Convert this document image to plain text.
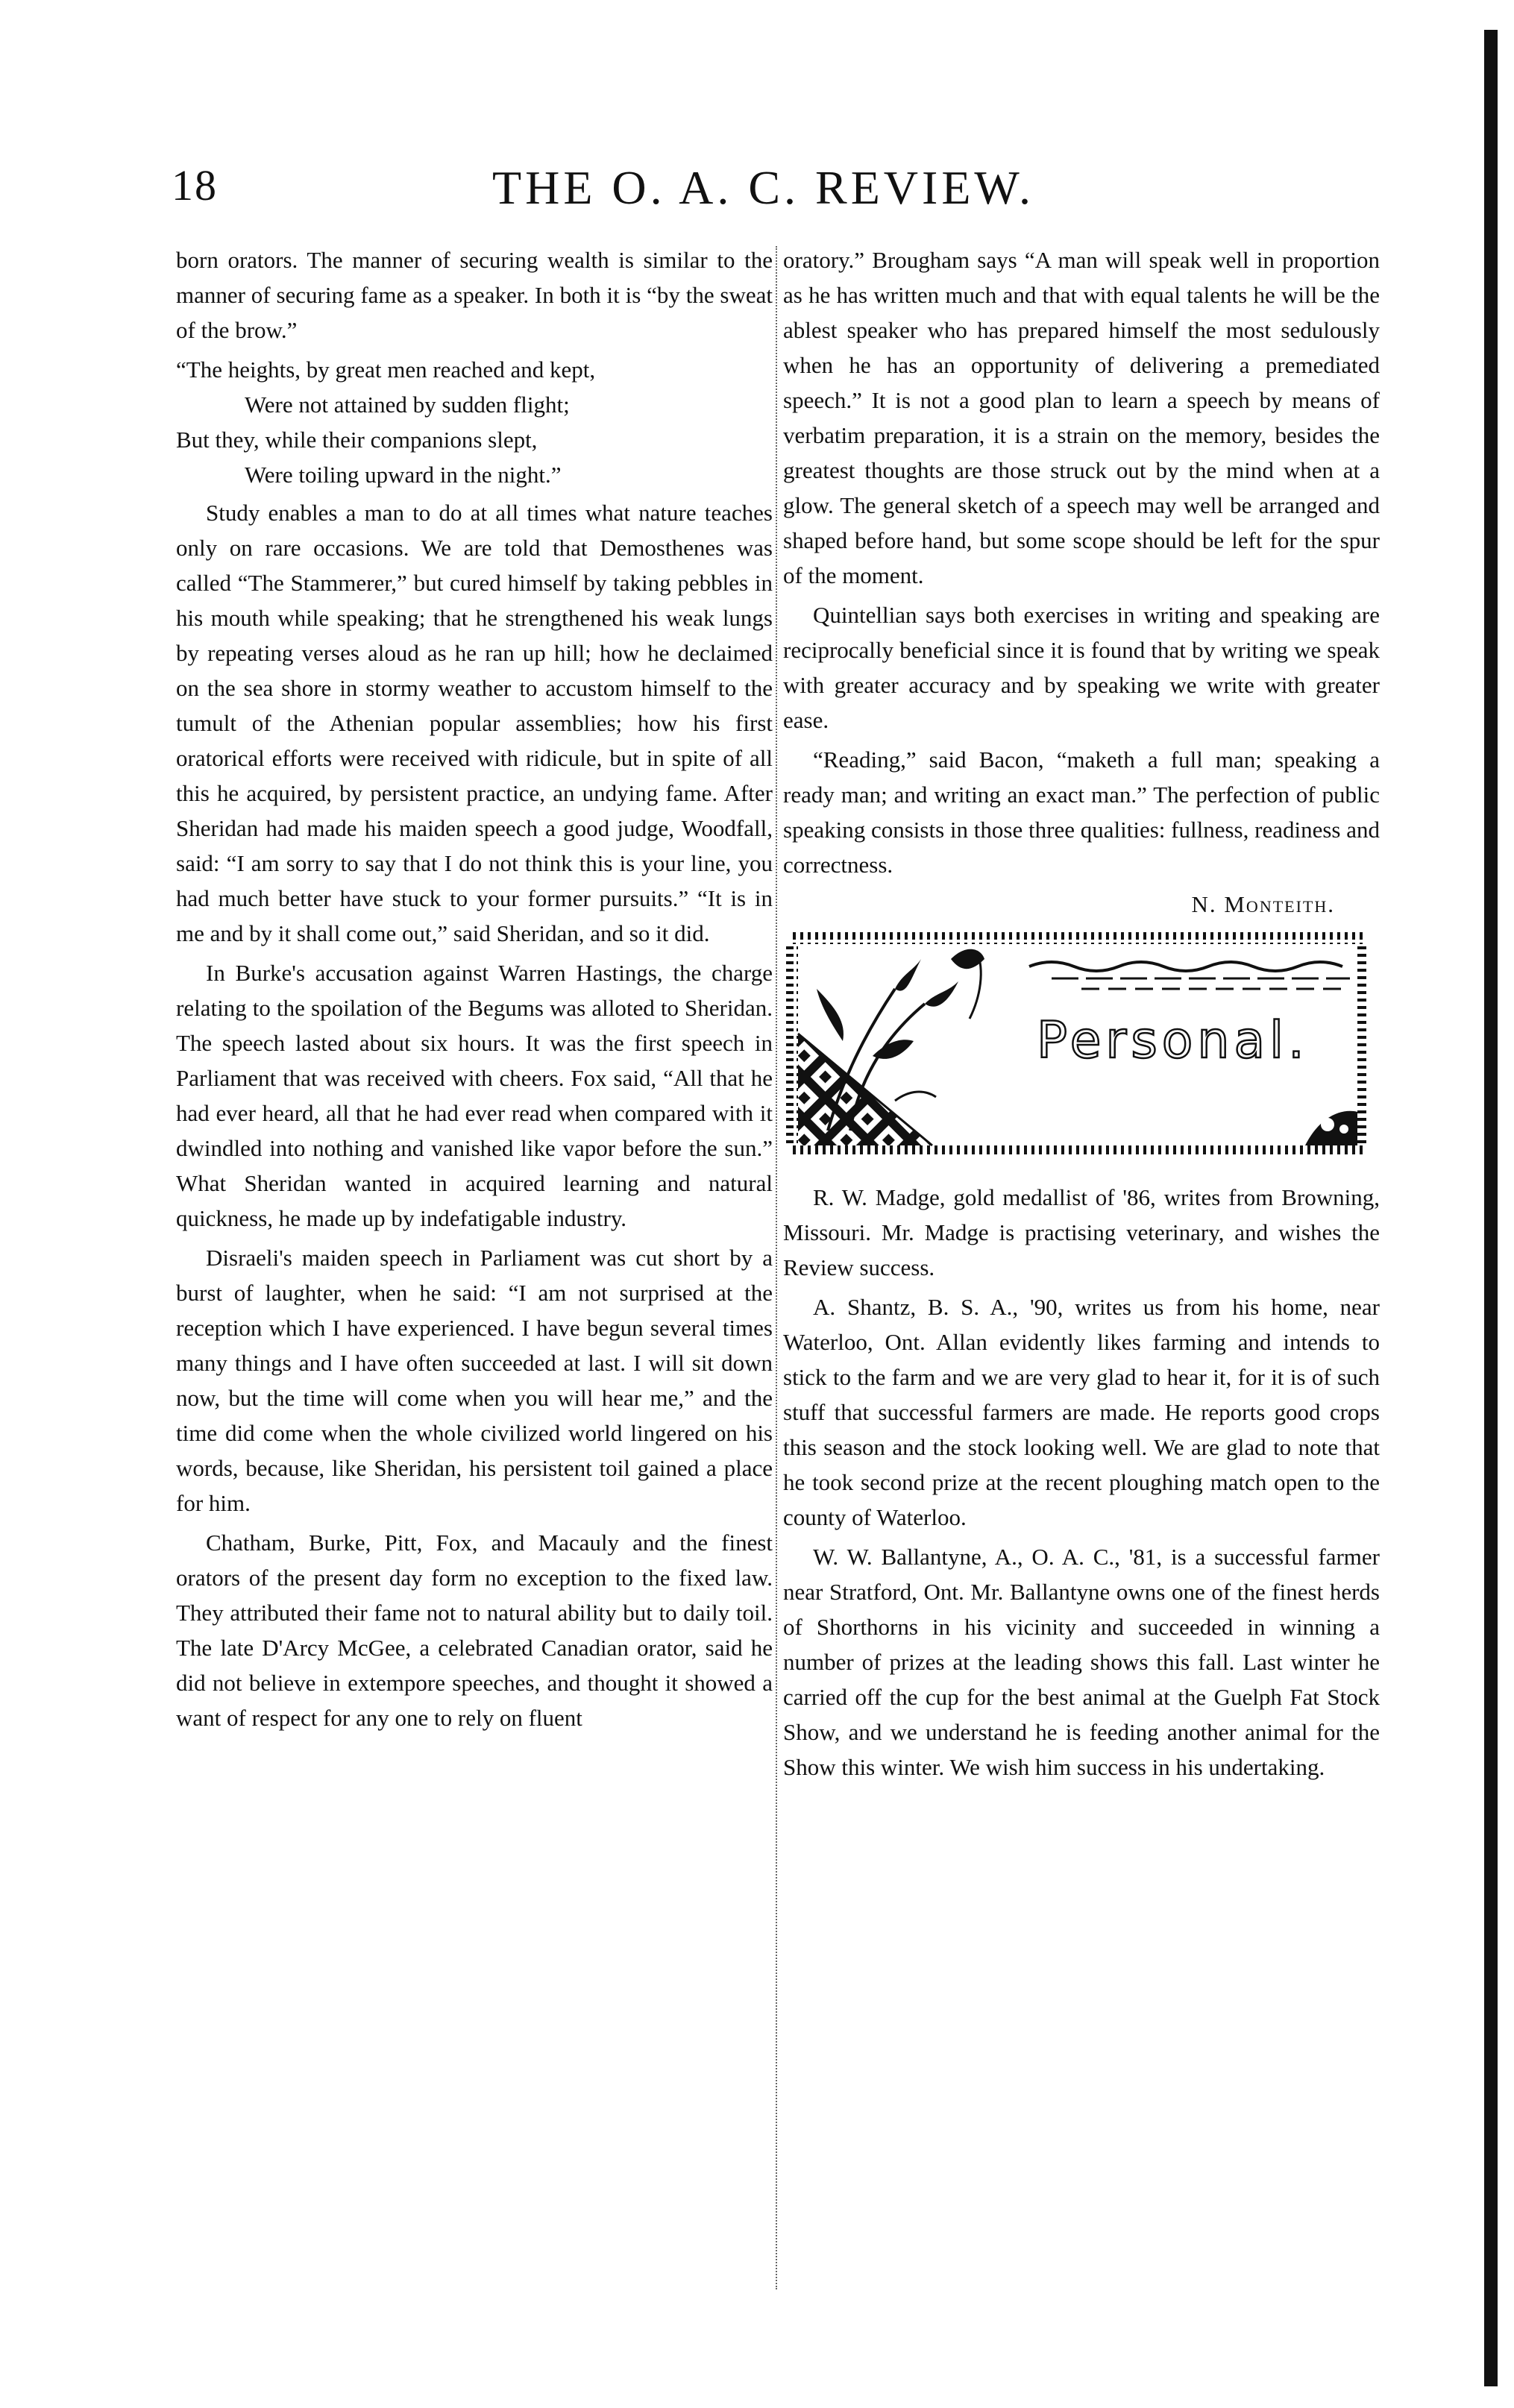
18	THE O. A. C. REVIEW.

born orators. The manner of securing wealth is similar to the manner of securing fame as a speaker. In both it is “by the sweat of the brow.”

“The heights, by great men reached and kept,
Were not attained by sudden flight;
But they, while their companions slept,
Were toiling upward in the night.”

Study enables a man to do at all times what nature teaches only on rare occasions. We are told that Demosthenes was called “The Stammerer,” but cured himself by taking pebbles in his mouth while speaking; that he strengthened his weak lungs by repeating verses aloud as he ran up hill; how he declaimed on the sea shore in stormy weather to accustom himself to the tumult of the Athenian popular assemblies; how his first oratorical efforts were received with ridicule, but in spite of all this he acquired, by persistent practice, an undying fame. After Sheridan had made his maiden speech a good judge, Woodfall, said: “I am sorry to say that I do not think this is your line, you had much better have stuck to your former pursuits.” “It is in me and by it shall come out,” said Sheridan, and so it did.

In Burke's accusation against Warren Hastings, the charge relating to the spoilation of the Begums was alloted to Sheridan. The speech lasted about six hours. It was the first speech in Parliament that was received with cheers. Fox said, “All that he had ever heard, all that he had ever read when compared with it dwindled into nothing and vanished like vapor before the sun.” What Sheridan wanted in acquired learning and natural quickness, he made up by indefatigable industry.

Disraeli's maiden speech in Parliament was cut short by a burst of laughter, when he said: “I am not surprised at the reception which I have experienced. I have begun several times many things and I have often succeeded at last. I will sit down now, but the time will come when you will hear me,” and the time did come when the whole civilized world lingered on his words, because, like Sheridan, his persistent toil gained a place for him.

Chatham, Burke, Pitt, Fox, and Macauly and the finest orators of the present day form no exception to the fixed law. They attributed their fame not to natural ability but to daily toil. The late D'Arcy McGee, a celebrated Canadian orator, said he did not believe in extempore speeches, and thought it showed a want of respect for any one to rely on fluent

oratory.” Brougham says “A man will speak well in proportion as he has written much and that with equal talents he will be the ablest speaker who has prepared himself the most sedulously when he has an opportunity of delivering a premediated speech.” It is not a good plan to learn a speech by means of verbatim preparation, it is a strain on the memory, besides the greatest thoughts are those struck out by the mind when at a glow. The general sketch of a speech may well be arranged and shaped before hand, but some scope should be left for the spur of the moment.

Quintellian says both exercises in writing and speaking are reciprocally beneficial since it is found that by writing we speak with greater accuracy and by speaking we write with greater ease.

“Reading,” said Bacon, “maketh a full man; speaking a ready man; and writing an exact man.” The perfection of public speaking consists in those three qualities: fullness, readiness and correctness.

N. Monteith.
Personal.

R. W. Madge, gold medallist of '86, writes from Browning, Missouri. Mr. Madge is practising veterinary, and wishes the Review success.

A. Shantz, B. S. A., '90, writes us from his home, near Waterloo, Ont. Allan evidently likes farming and intends to stick to the farm and we are very glad to hear it, for it is of such stuff that successful farmers are made. He reports good crops this season and the stock looking well. We are glad to note that he took second prize at the recent ploughing match open to the county of Waterloo.

W. W. Ballantyne, A., O. A. C., '81, is a successful farmer near Stratford, Ont. Mr. Ballantyne owns one of the finest herds of Shorthorns in his vicinity and succeeded in winning a number of prizes at the leading shows this fall. Last winter he carried off the cup for the best animal at the Guelph Fat Stock Show, and we understand he is feeding another animal for the Show this winter. We wish him success in his undertaking.
